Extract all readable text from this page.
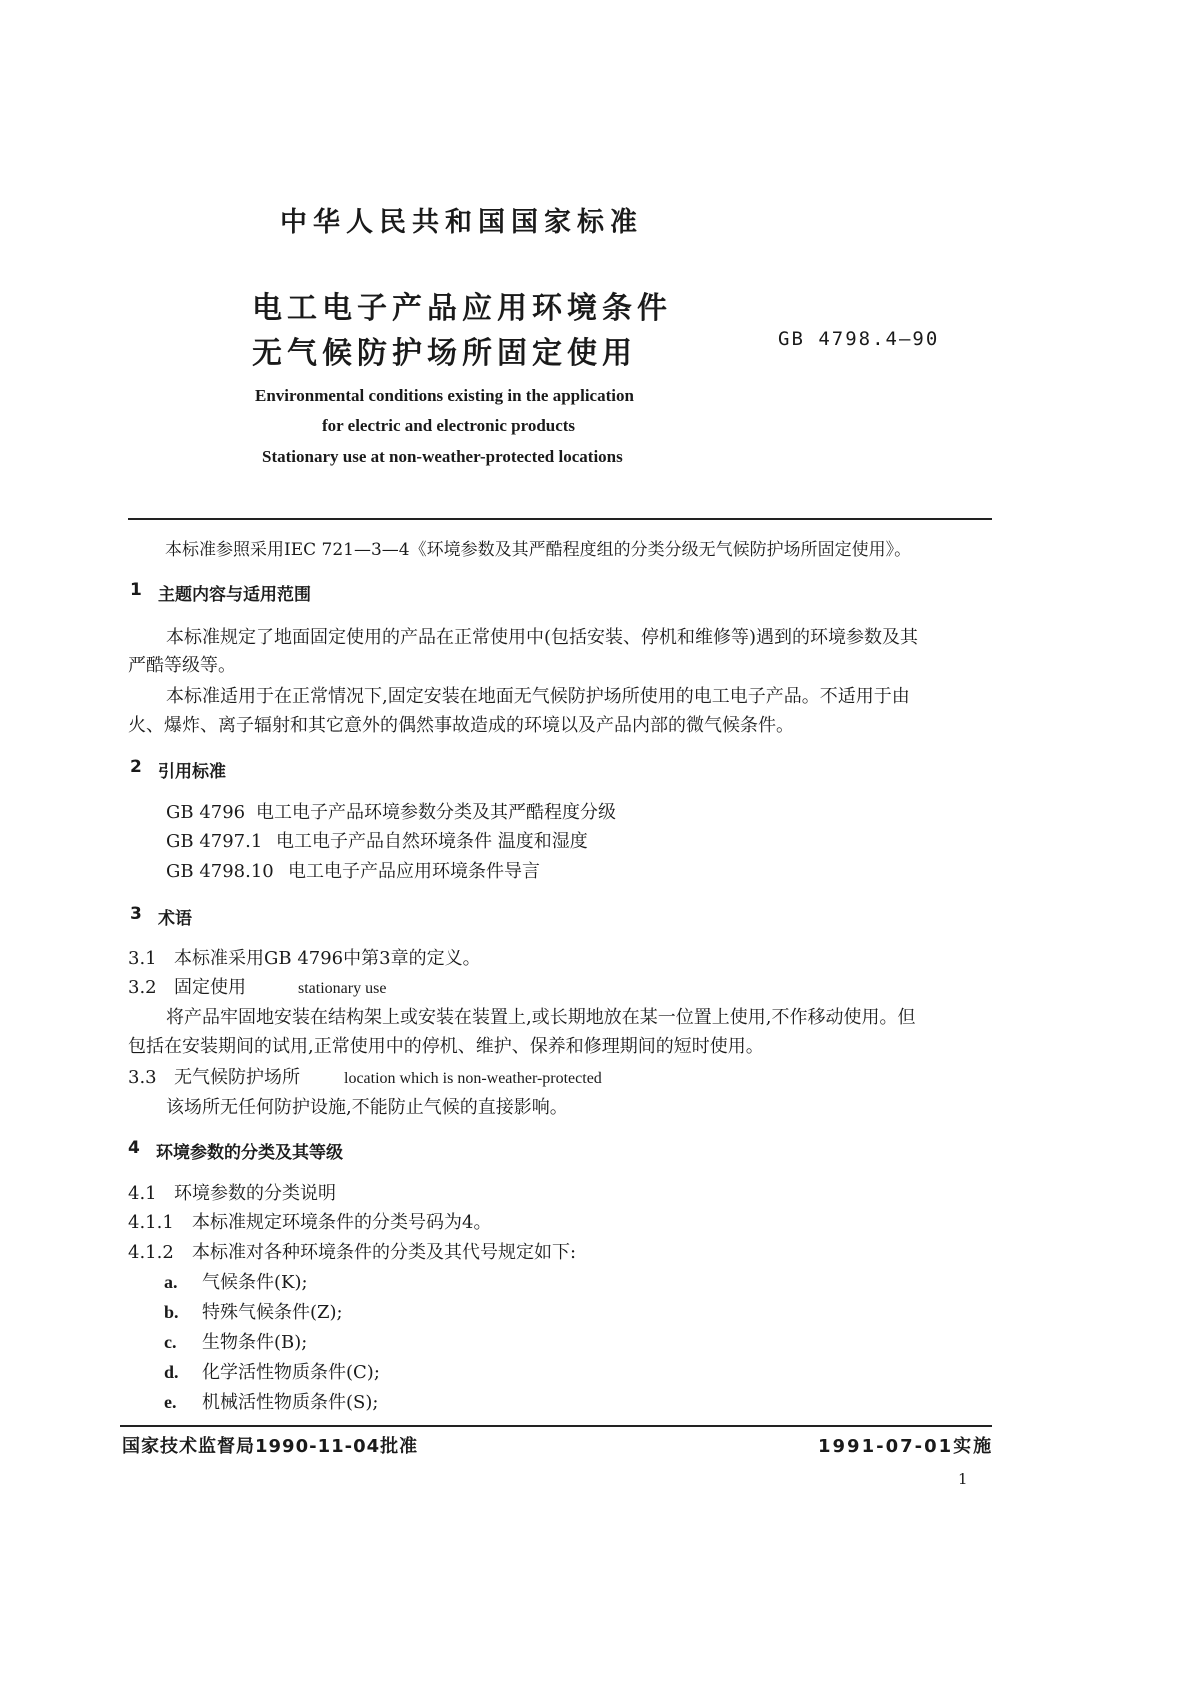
中华人民共和国国家标准
电工电子产品应用环境条件
无气候防护场所固定使用	GB 4798.4—90
Environmental conditions existing in the application
for electric and electronic products
Stationary use at non-weather-protected locations
本标准参照采用IEC 721—3—4《环境参数及其严酷程度组的分类分级无气候防护场所固定使用》。
1 主题内容与适用范围
本标准规定了地面固定使用的产品在正常使用中(包括安装、停机和维修等)遇到的环境参数及其
严酷等级等。
本标准适用于在正常情况下,固定安装在地面无气候防护场所使用的电工电子产品。不适用于由
火、爆炸、离子辐射和其它意外的偶然事故造成的环境以及产品内部的微气候条件。
2 引用标准
GB 4796 电工电子产品环境参数分类及其严酷程度分级
GB 4797.1 电工电子产品自然环境条件 温度和湿度
GB 4798.10 电工电子产品应用环境条件导言
3 术语
3.1 本标准采用GB 4796中第3章的定义。
3.2 固定使用	stationary use
将产品牢固地安装在结构架上或安装在装置上,或长期地放在某一位置上使用,不作移动使用。但
包括在安装期间的试用,正常使用中的停机、维护、保养和修理期间的短时使用。
3.3 无气候防护场所	location which is non-weather-protected
该场所无任何防护设施,不能防止气候的直接影响。
4 环境参数的分类及其等级
4.1 环境参数的分类说明
4.1.1 本标准规定环境条件的分类号码为4。
4.1.2 本标准对各种环境条件的分类及其代号规定如下:
a. 气候条件(K);
b. 特殊气候条件(Z);
c. 生物条件(B);
d. 化学活性物质条件(C);
e. 机械活性物质条件(S);
国家技术监督局1990-11-04批准	1991-07-01实施
1
